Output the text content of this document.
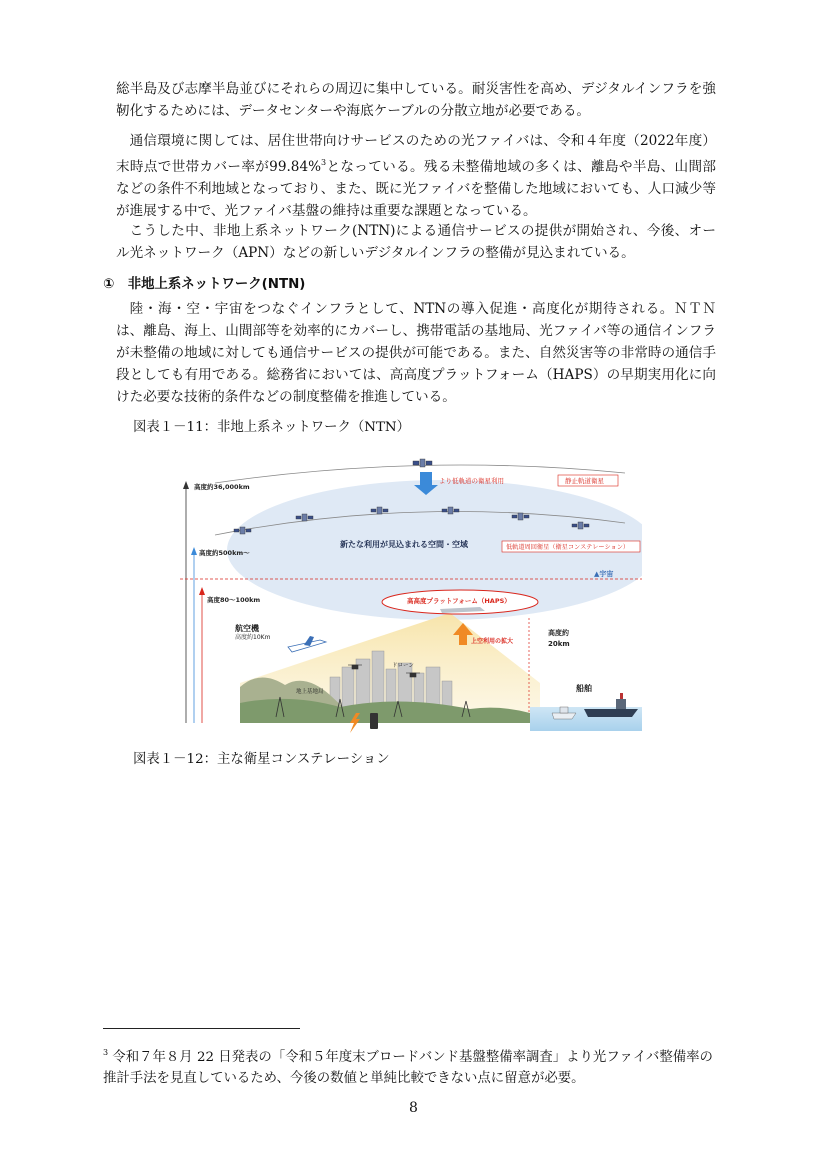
総半島及び志摩半島並びにそれらの周辺に集中している。耐災害性を高め、デジタルインフラを強靭化するためには、データセンターや海底ケーブルの分散立地が必要である。

通信環境に関しては、居住世帯向けサービスのための光ファイバは、令和４年度（2022年度）末時点で世帯カバー率が99.84%$^3$となっている。残る未整備地域の多くは、離島や半島、山間部などの条件不利地域となっており、また、既に光ファイバを整備した地域においても、人口減少等が進展する中で、光ファイバ基盤の維持は重要な課題となっている。

こうした中、非地上系ネットワーク(NTN)による通信サービスの提供が開始され、今後、オール光ネットワーク（APN）などの新しいデジタルインフラの整備が見込まれている。

①　非地上系ネットワーク(NTN)

陸・海・空・宇宙をつなぐインフラとして、NTNの導入促進・高度化が期待される。ＮＴＮは、離島、海上、山間部等を効率的にカバーし、携帯電話の基地局、光ファイバ等の通信インフラが未整備の地域に対しても通信サービスの提供が可能である。また、自然災害等の非常時の通信手段としても有用である。総務省においては、高高度プラットフォーム（HAPS）の早期実用化に向けた必要な技術的条件などの制度整備を推進している。

図表１－11：非地上系ネットワーク（NTN）

より低軌道の衛星利用	静止軌道衛星
新たな利用が見込まれる空間・空域	低軌道周回衛星（衛星コンステレーション）
高度約36,000km
高度約500km～
高度80～100km
▲宇宙
高高度プラットフォーム（HAPS）
上空利用の拡大
高度約
20km
航空機
高度約10Km
ドローン
地上基地局	船舶

図表１－12：主な衛星コンステレーション

$^3$ 令和７年８月 22 日発表の「令和５年度末ブロードバンド基盤整備率調査」より光ファイバ整備率の推計手法を見直しているため、今後の数値と単純比較できない点に留意が必要。

8
